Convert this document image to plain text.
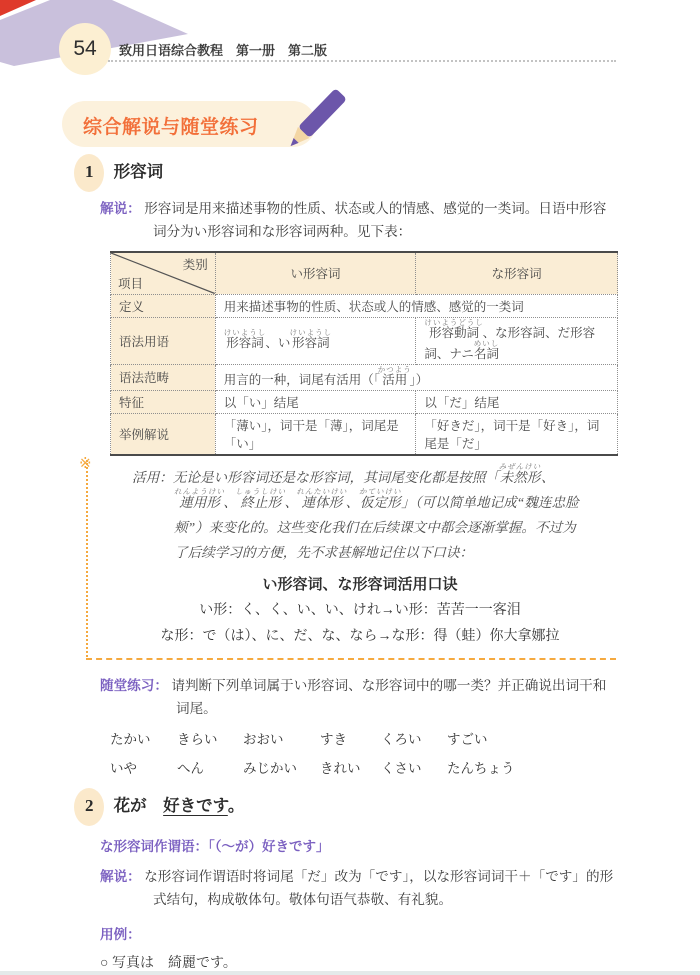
54 致用日语综合教程　第一册　第二版
综合解说与随堂练习
1 形容词
解说： 形容词是用来描述事物的性质、状态或人的情感、感觉的一类词。日语中形容词分为い形容词和な形容词两种。见下表：
类别
项目	い形容词	な形容词
定义	用来描述事物的性质、状态或人的情感、感觉的一类词	
语法用语	形容詞けいようし、い形容詞けいようし	形容動詞けいようどうし、な形容詞、だ形容詞、ナニ名詞めいし
语法范畴	用言的一种，词尾有活用（「活用かつよう」）	
特征	以「い」结尾	以「だ」结尾
举例解说	「薄い」，词干是「薄」，词尾是「い」	「好きだ」，词干是「好き」，词尾是「だ」
※
活用：无论是い形容词还是な形容词，其词尾变化都是按照「未然形みぜんけい、連用形れんようけい、終止形しゅうしけい、連体形れんたいけい、仮定形かていけい」（可以简单地记成“魏连忠脸颊”）来变化的。这些变化我们在后续课文中都会逐渐掌握。不过为了后续学习的方便，先不求甚解地记住以下口诀：
い形容词、な形容词活用口诀
い形：く、く、い、い、けれ→い形：苦苦一一客泪
な形：で（は）、に、だ、な、なら→な形：得（蛙）你大拿娜拉
随堂练习： 请判断下列单词属于い形容词、な形容词中的哪一类？并正确说出词干和词尾。
たかい	きらい	おおい	すき	くろい	すごい
いや	へん	みじかい	きれい	くさい	たんちょう
2 花が　好きです。
な形容词作谓语：「（～が）好きです」
解说： な形容词作谓语时将词尾「だ」改为「です」，以な形容词词干＋「です」的形式结句，构成敬体句。敬体句语气恭敬、有礼貌。
用例：
○ 写真は　綺麗です。
